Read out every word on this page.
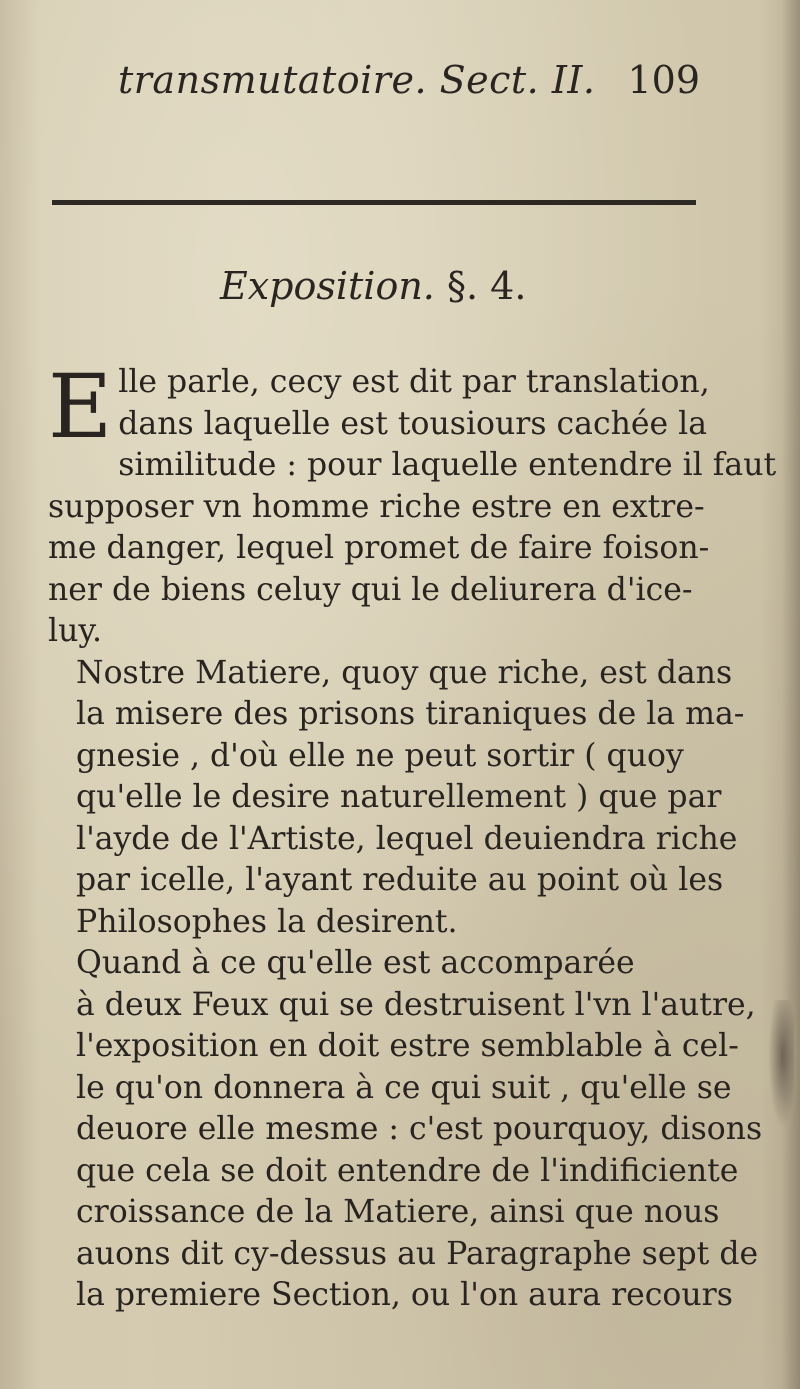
transmutatoire. Sect. II. 109
Exposition. §. 4.

E lle parle, cecy est dit par translation,
dans laquelle est tousiours cachée la
similitude : pour laquelle entendre il faut
supposer vn homme riche estre en extre-
me danger, lequel promet de faire foison-
ner de biens celuy qui le deliurera d'ice-
luy.

Nostre Matiere, quoy que riche, est dans
la misere des prisons tiraniques de la ma-
gnesie , d'où elle ne peut sortir ( quoy
qu'elle le desire naturellement ) que par
l'ayde de l'Artiste, lequel deuiendra riche
par icelle, l'ayant reduite au point où les
Philosophes la desirent.

Quand à ce qu'elle est accomparée
à deux Feux qui se destruisent l'vn l'autre,
l'exposition en doit estre semblable à cel-
le qu'on donnera à ce qui suit , qu'elle se
deuore elle mesme : c'est pourquoy, disons
que cela se doit entendre de l'indificiente
croissance de la Matiere, ainsi que nous
auons dit cy-dessus au Paragraphe sept de
la premiere Section, ou l'on aura recours
